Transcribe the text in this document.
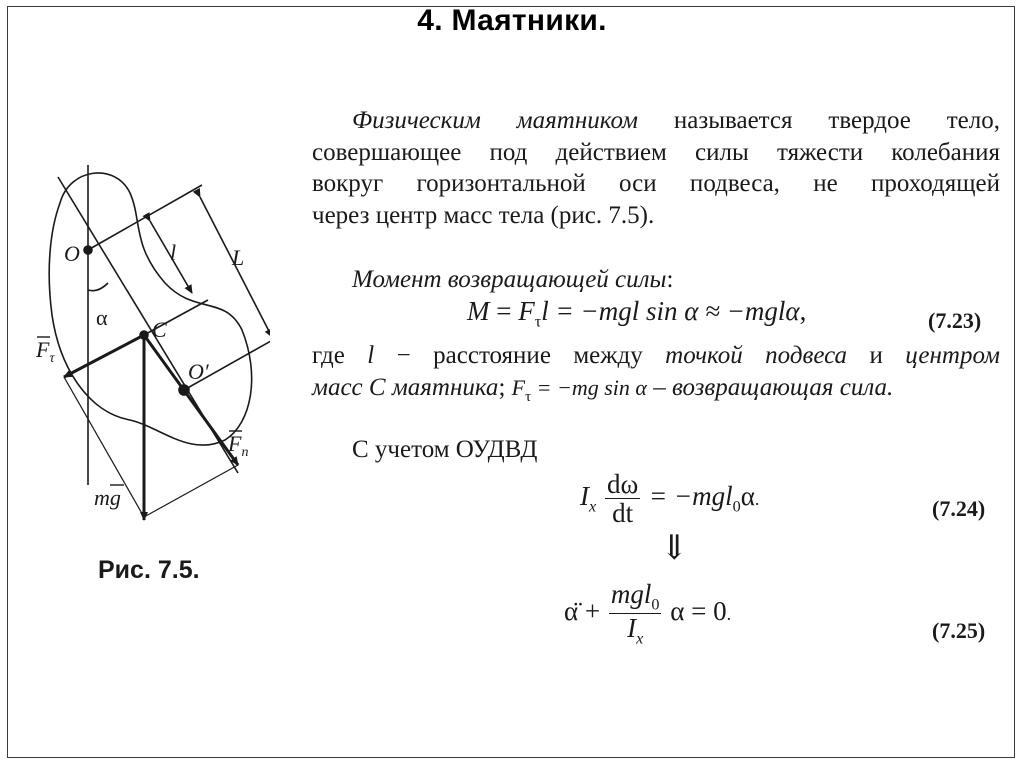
4. Маятники.
Физическим маятником называется твердое тело,
совершающее под действием силы тяжести колебания
вокруг горизонтальной оси подвеса, не проходящей
через центр масс тела (рис. 7.5).
Момент возвращающей силы:
$M = F_\tau l = -mgl$ sin α ≈ −mglα,	(7.23)
где l − расстояние между точкой подвеса и центром
масс С маятника; $F_\tau = -mg$ sin α – возвращающая сила.
С учетом ОУДВД
$I_x \frac{d\omega}{dt} = -mgl_0\alpha$.	(7.24)
⇓
α̈ + $\frac{mgl_0}{I_x}$ α = 0.
(7.25)
O
C
O′
l	L
α
$F_\tau$
$F_n$
mg
Рис. 7.5.
